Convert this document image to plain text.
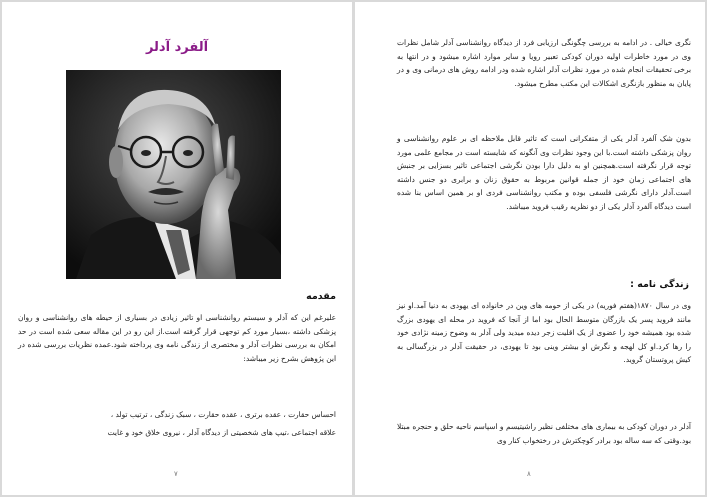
آلفرد آدلر
مقدمه
علیرغم این که آدلر و سیستم روانشناسی او تاثیر زیادی در بسیاری از حیطه های روانشناسی و روان پزشکی داشته ،بسیار مورد کم توجهی قرار گرفته است.از این رو در این مقاله سعی شده است در حد امکان به بررسی نظرات آدلر و مختصری از زندگی نامه وی پرداخته شود.عمده نظریات بررسی شده در این پژوهش بشرح زیر میباشد:
احساس حقارت ، عقده برتری ، عقده حقارت ، سبک زندگی ، ترتیب تولد ،
علاقه اجتماعی ،تیپ های شخصیتی از دیدگاه آدلر ، نیروی خلاق خود و غایت
۷
نگری خیالی . در ادامه به بررسی چگونگی ارزیابی فرد از دیدگاه روانشناسی آدلر شامل نظرات وی در مورد خاطرات اولیه دوران کودکی تعبیر رویا و سایر موارد اشاره میشود و در انتها به برخی تحقیقات انجام شده در مورد نظرات آدلر اشاره شده ودر ادامه روش های درمانی وی و در پایان به منظور بازنگری اشکالات این مکتب مطرح میشود.
بدون شک آلفرد آدلر یکی از متفکرانی است که تاثیر قابل ملاحظه ای بر علوم روانشناسی و روان پزشکی داشته است.با این وجود نظرات وی آنگونه که شایسته است در مجامع علمی مورد توجه قرار نگرفته است.همچنین او به دلیل دارا بودن نگرشی اجتماعی تاثیر بسزایی بر جنبش های اجتماعی زمان خود از جمله قوانین مربوط به حقوق زنان و برابری دو جنس داشته است.آدلر دارای نگرشی فلسفی بوده و مکتب روانشناسی فردی او بر همین اساس بنا شده است دیدگاه آلفرد آدلر یکی از دو نظریه رقیب فروید میباشد.
زندگی نامه :
وی در سال ۱۸۷۰(هفتم فوریه) در یکی از حومه های وین در خانواده ای یهودی به دنیا آمد.او نیز مانند فروید پسر یک بازرگان متوسط الحال بود اما از آنجا که فروید در محله ای یهودی بزرگ شده بود همیشه خود را عضوی از یک اقلیت زجر دیده میدید ولی آدلر به وضوح زمینه نژادی خود را رها کرد.او کل لهجه و نگرش او بیشتر وینی بود تا یهودی، در حقیقت آدلر در بزرگسالی به کیش پروتستان گروید.
آدلر در دوران کودکی به بیماری های مختلفی نظیر راشیتیسم و اسپاسم ناحیه حلق و حنجره مبتلا بود.وقتی که سه ساله بود برادر کوچکترش در رختخواب کنار وی
۸
